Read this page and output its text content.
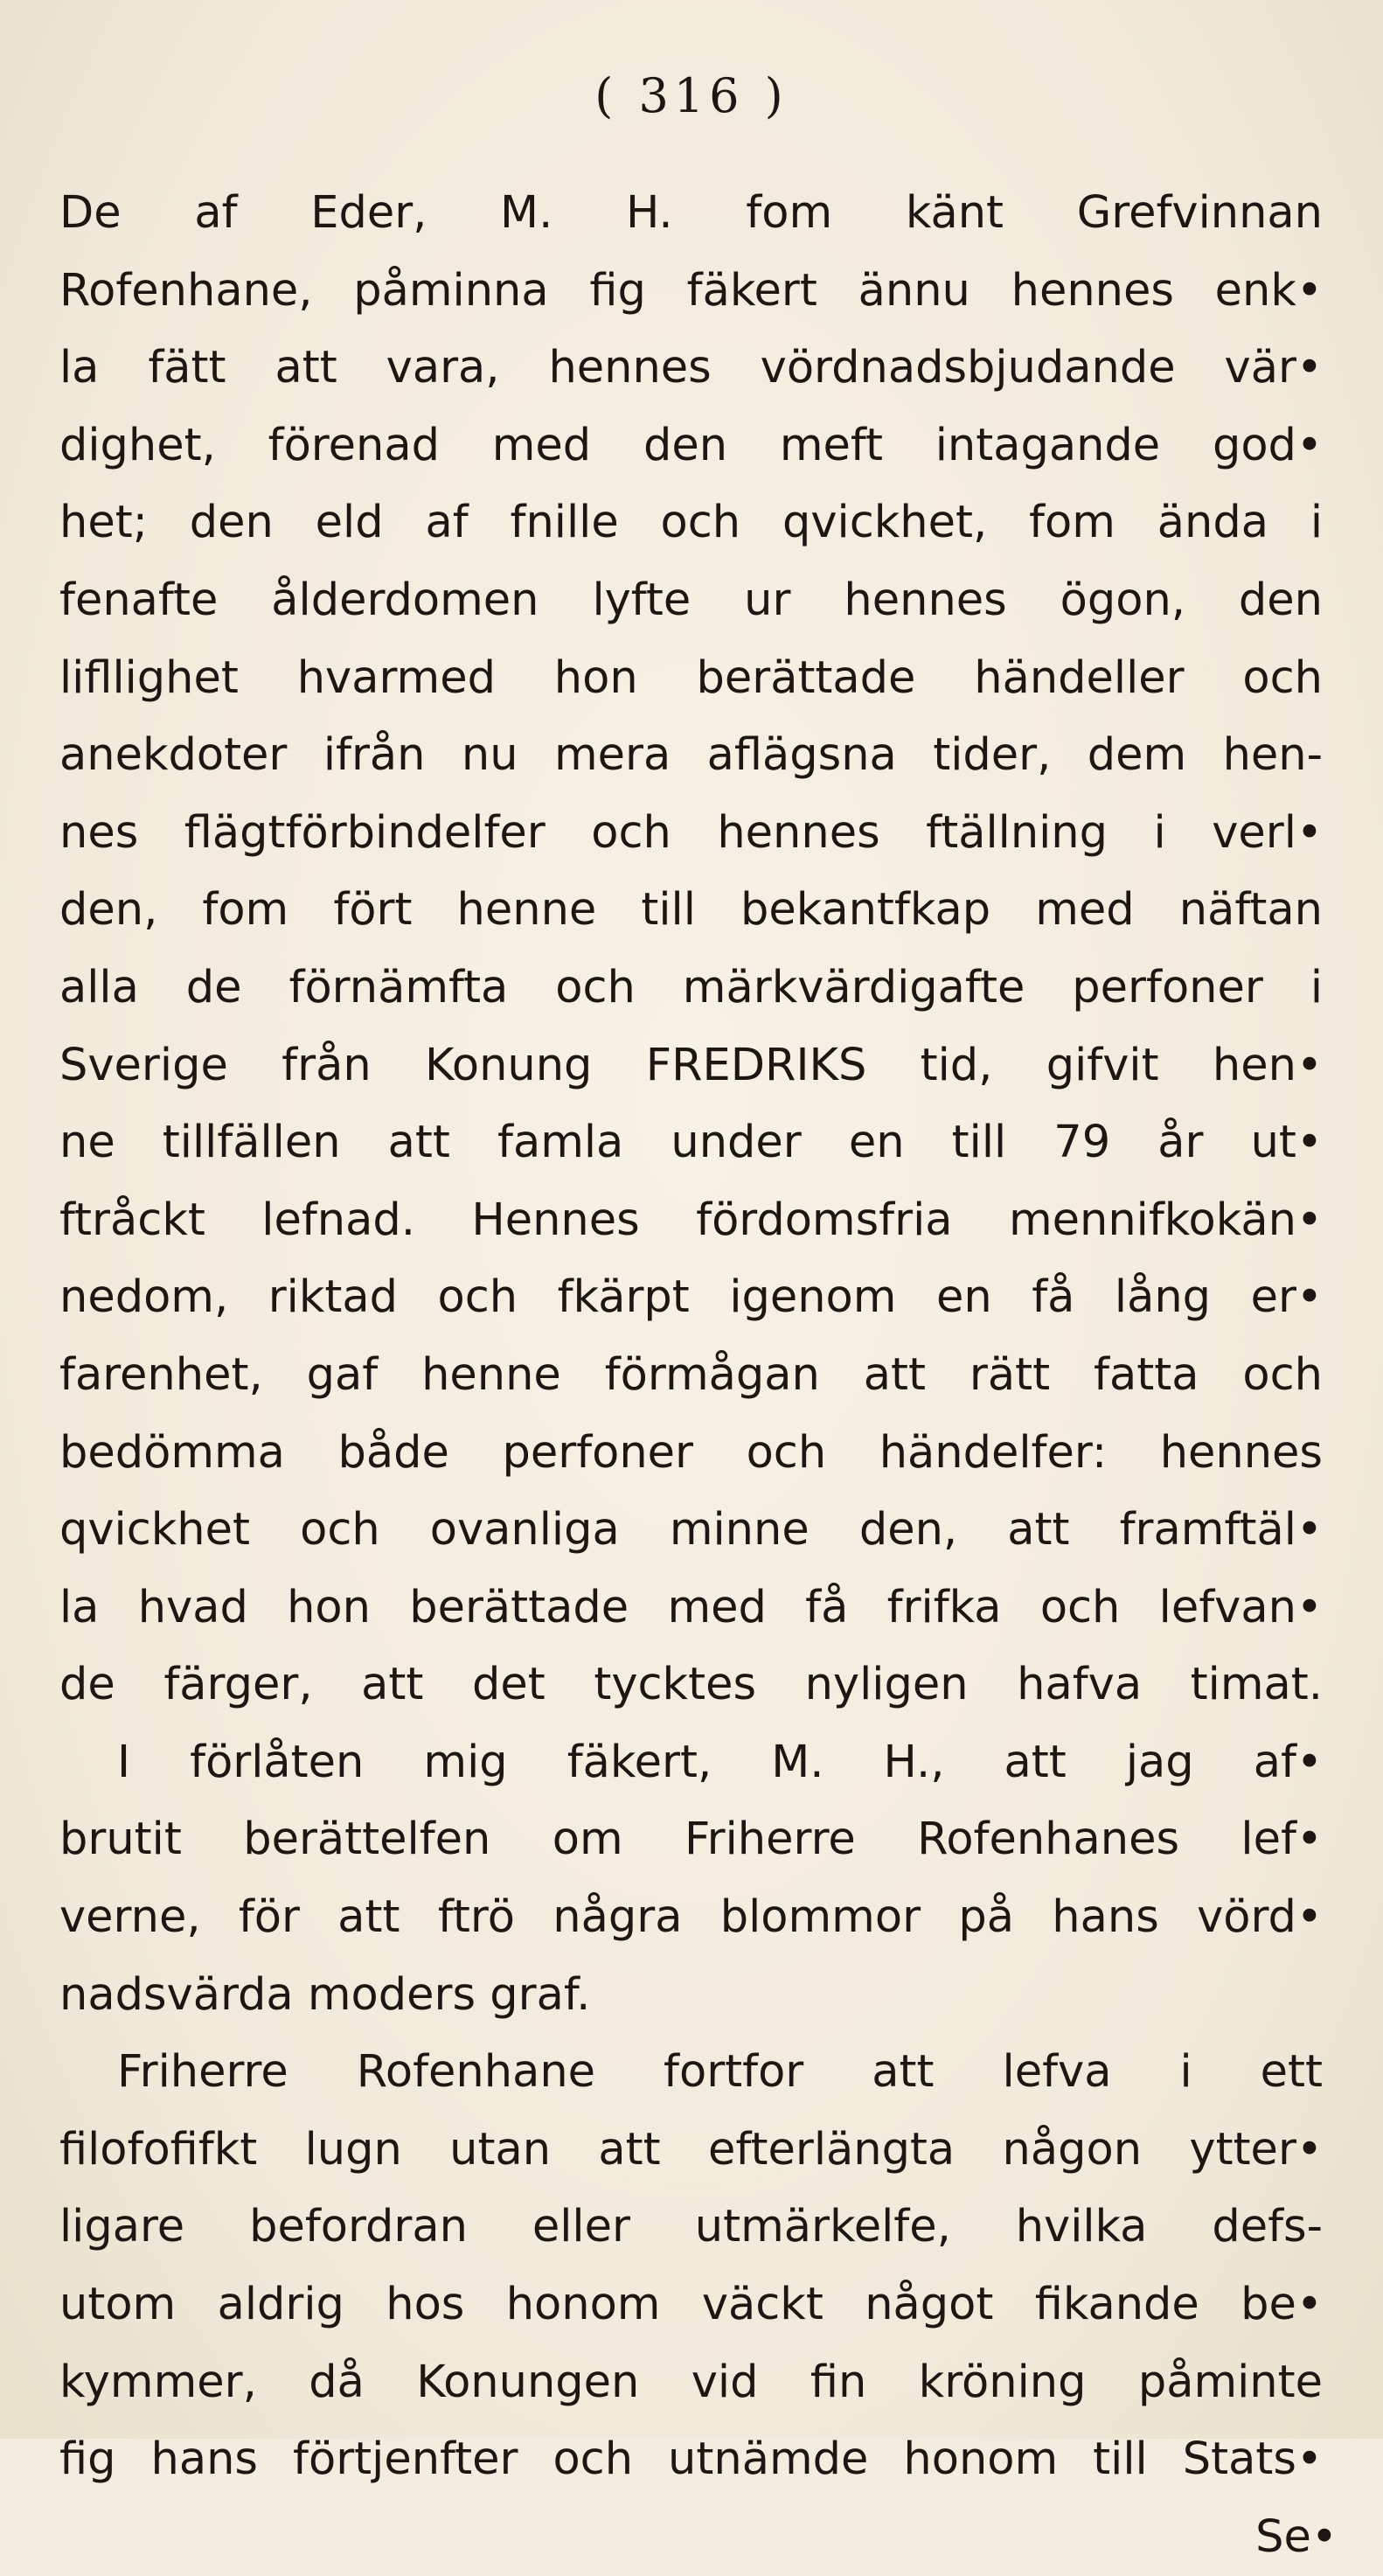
( 316 )
De af Eder, M. H. fom känt Grefvinnan
Rofenhane, påminna fig fäkert ännu hennes enk•
la fätt att vara, hennes vördnadsbjudande vär•
dighet, förenad med den meft intagande god•
het; den eld af fnille och qvickhet, fom ända i
fenafte ålderdomen lyfte ur hennes ögon, den
lifllighet hvarmed hon berättade händeller och
anekdoter ifrån nu mera aflägsna tider, dem hen-
nes flägtförbindelfer och hennes ftällning i verl•
den, fom fört henne till bekantfkap med näftan
alla de förnämfta och märkvärdigafte perfoner i
Sverige från Konung FREDRIKS tid, gifvit hen•
ne tillfällen att famla under en till 79 år ut•
ftråckt lefnad. Hennes fördomsfria mennifkokän•
nedom, riktad och fkärpt igenom en få lång er•
farenhet, gaf henne förmågan att rätt fatta och
bedömma både perfoner och händelfer: hennes
qvickhet och ovanliga minne den, att framftäl•
la hvad hon berättade med få frifka och lefvan•
de färger, att det tycktes nyligen hafva timat.
I förlåten mig fäkert, M. H., att jag af•
brutit berättelfen om Friherre Rofenhanes lef•
verne, för att ftrö några blommor på hans vörd•
nadsvärda moders graf.
Friherre Rofenhane fortfor att lefva i ett
filofofifkt lugn utan att efterlängta någon ytter•
ligare befordran eller utmärkelfe, hvilka defs-
utom aldrig hos honom väckt något fikande be•
kymmer, då Konungen vid fin kröning påminte
fig hans förtjenfter och utnämde honom till Stats•
Se•
